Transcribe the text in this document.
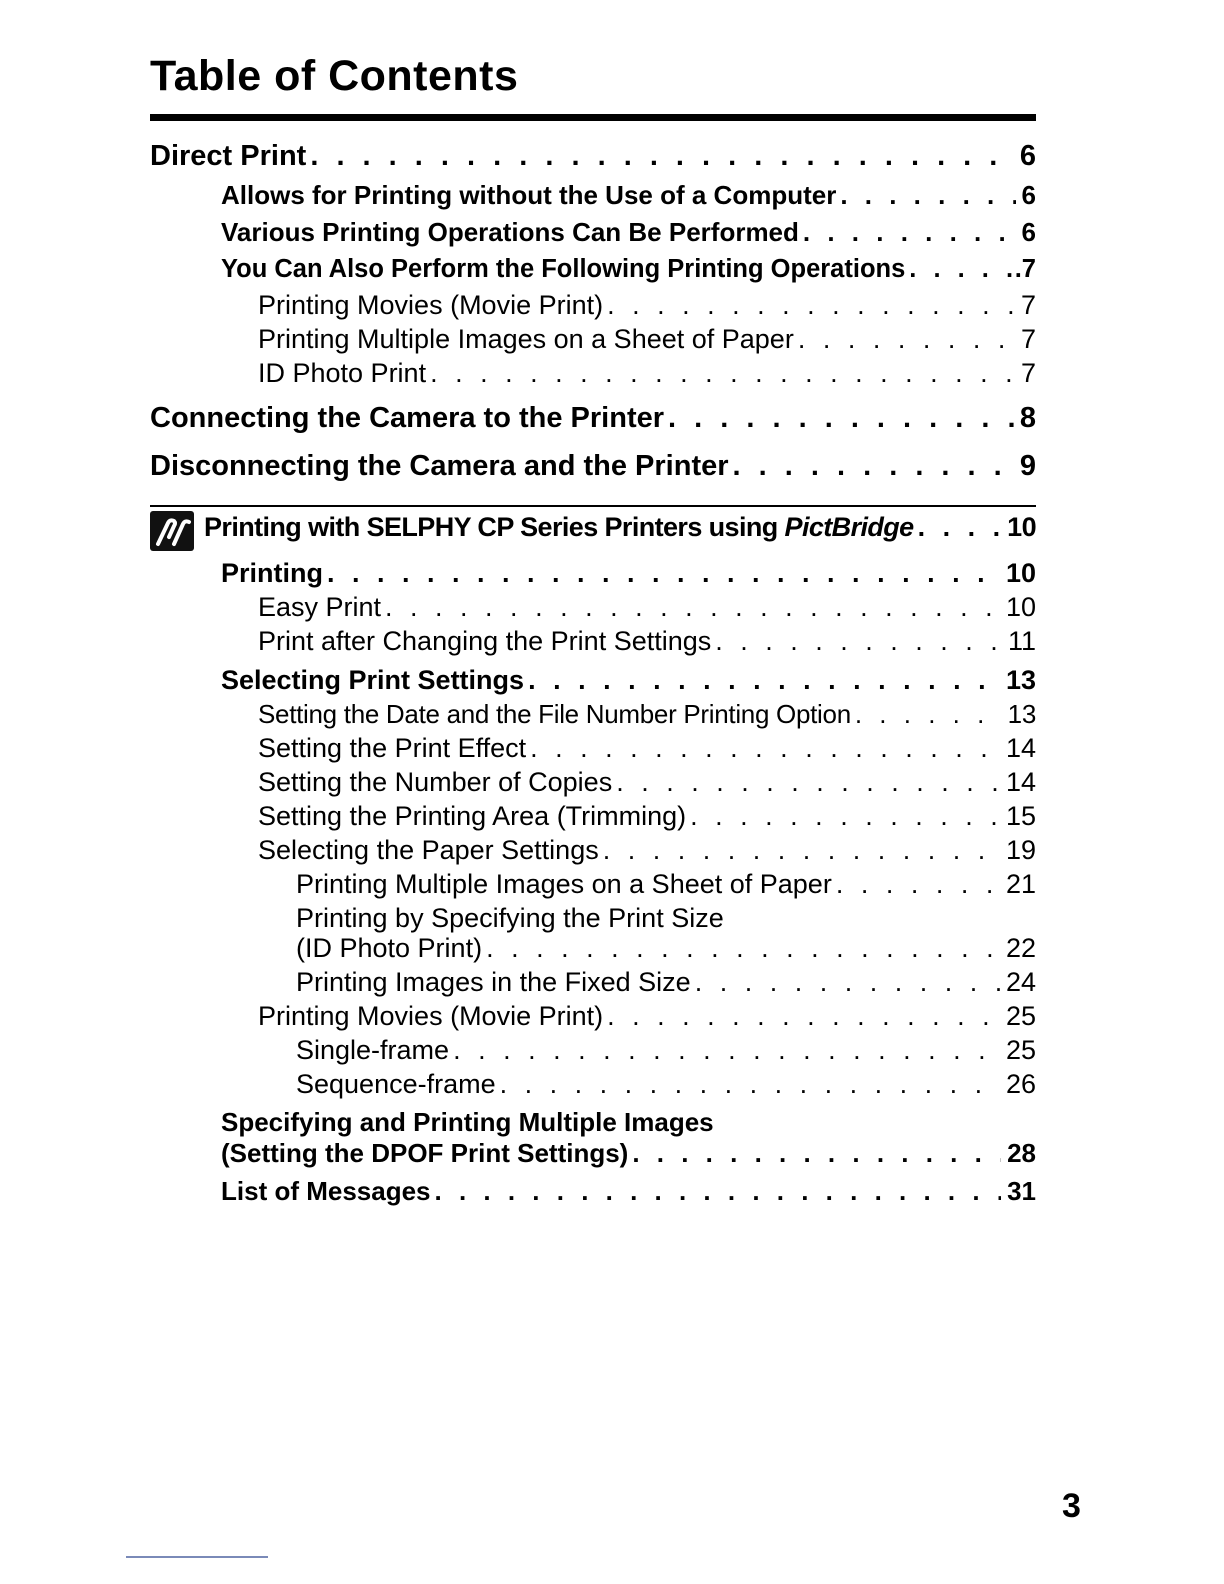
Table of Contents
Direct Print . . .	6
Allows for Printing without the Use of a Computer . . .	6
Various Printing Operations Can Be Performed . . .	6
You Can Also Perform the Following Printing Operations . . .	.7
Printing Movies (Movie Print) . . .	7
Printing Multiple Images on a Sheet of Paper . . .	7
ID Photo Print . . .	7
Connecting the Camera to the Printer . . .	8
Disconnecting the Camera and the Printer . . .	9
Printing with SELPHY CP Series Printers using PictBridge . . .	10
Printing . . .	10
Easy Print . . .	10
Print after Changing the Print Settings . . .	11
Selecting Print Settings . . .	13
Setting the Date and the File Number Printing Option . . .	13
Setting the Print Effect . . .	14
Setting the Number of Copies . . .	14
Setting the Printing Area (Trimming) . . .	15
Selecting the Paper Settings . . .	19
Printing Multiple Images on a Sheet of Paper . . .	21
Printing by Specifying the Print Size
(ID Photo Print) . . .	22
Printing Images in the Fixed Size . . .	24
Printing Movies (Movie Print) . . .	25
Single-frame . . .	25
Sequence-frame . . .	26
Specifying and Printing Multiple Images
(Setting the DPOF Print Settings) . . .	28
List of Messages . . .	31
3
